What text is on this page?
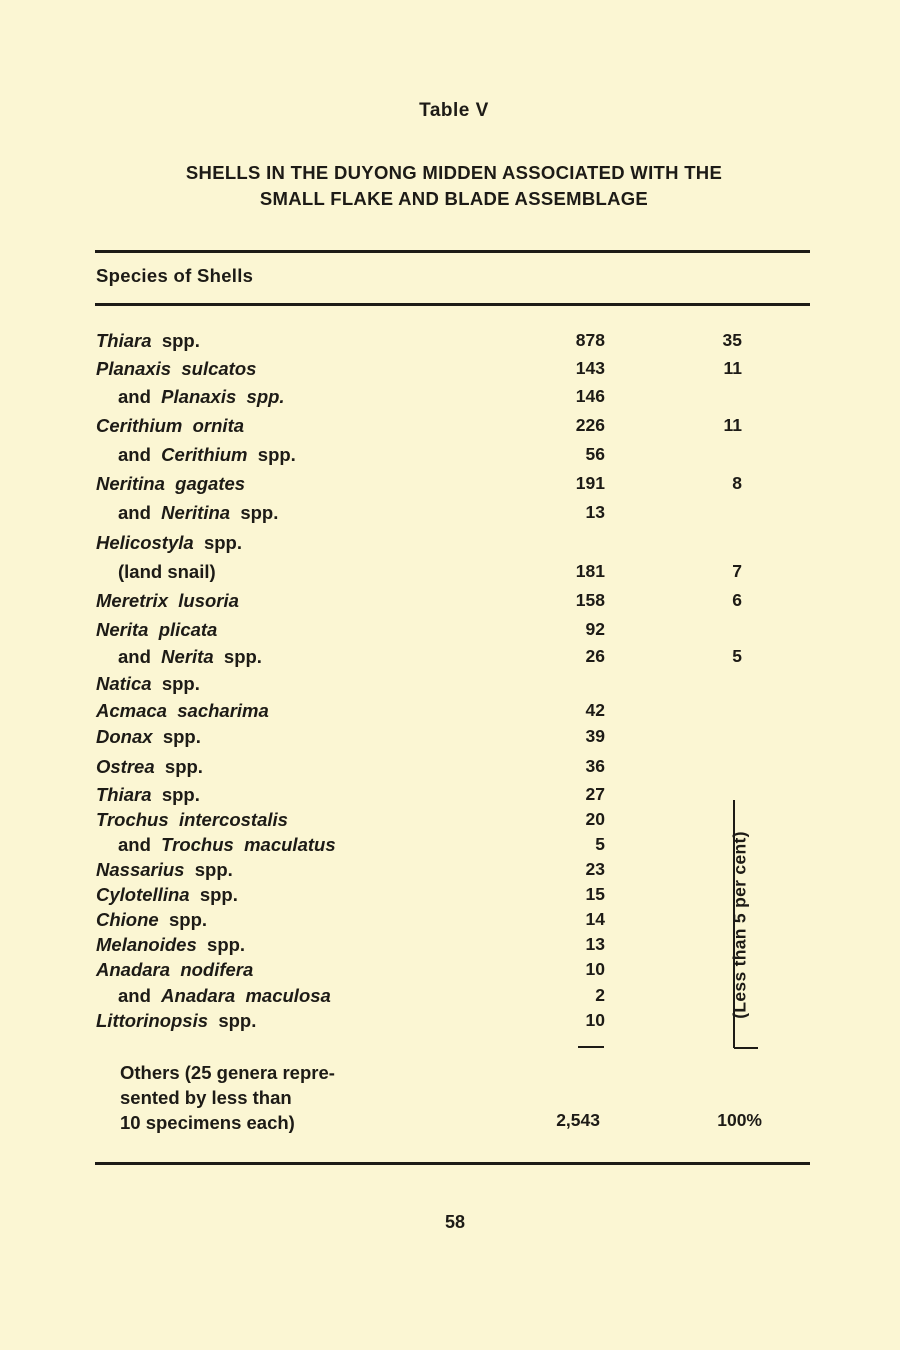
Table V
SHELLS IN THE DUYONG MIDDEN ASSOCIATED WITH THE
SMALL FLAKE AND BLADE ASSEMBLAGE
Species of Shells
Thiara spp.	878	35
Planaxis sulcatos	143	11
and Planaxis spp.	146
Cerithium ornita	226	11
and Cerithium spp.	56
Neritina gagates	191	8
and Neritina spp.	13
Helicostyla spp.
(land snail)	181	7
Meretrix lusoria	158	6
Nerita plicata	92
and Nerita spp.	26	5
Natica spp.
Acmaca sacharima	42
Donax spp.	39
Ostrea spp.	36
Thiara spp.	27
Trochus intercostalis	20
and Trochus maculatus	5
Nassarius spp.	23
Cylotellina spp.	15
Chione spp.	14
Melanoides spp.	13
Anadara nodifera	10
and Anadara maculosa	2
Littorinopsis spp.	10
(Less than 5 per cent)
Others (25 genera repre-
sented by less than
10 specimens each)	2,543	100%
58
